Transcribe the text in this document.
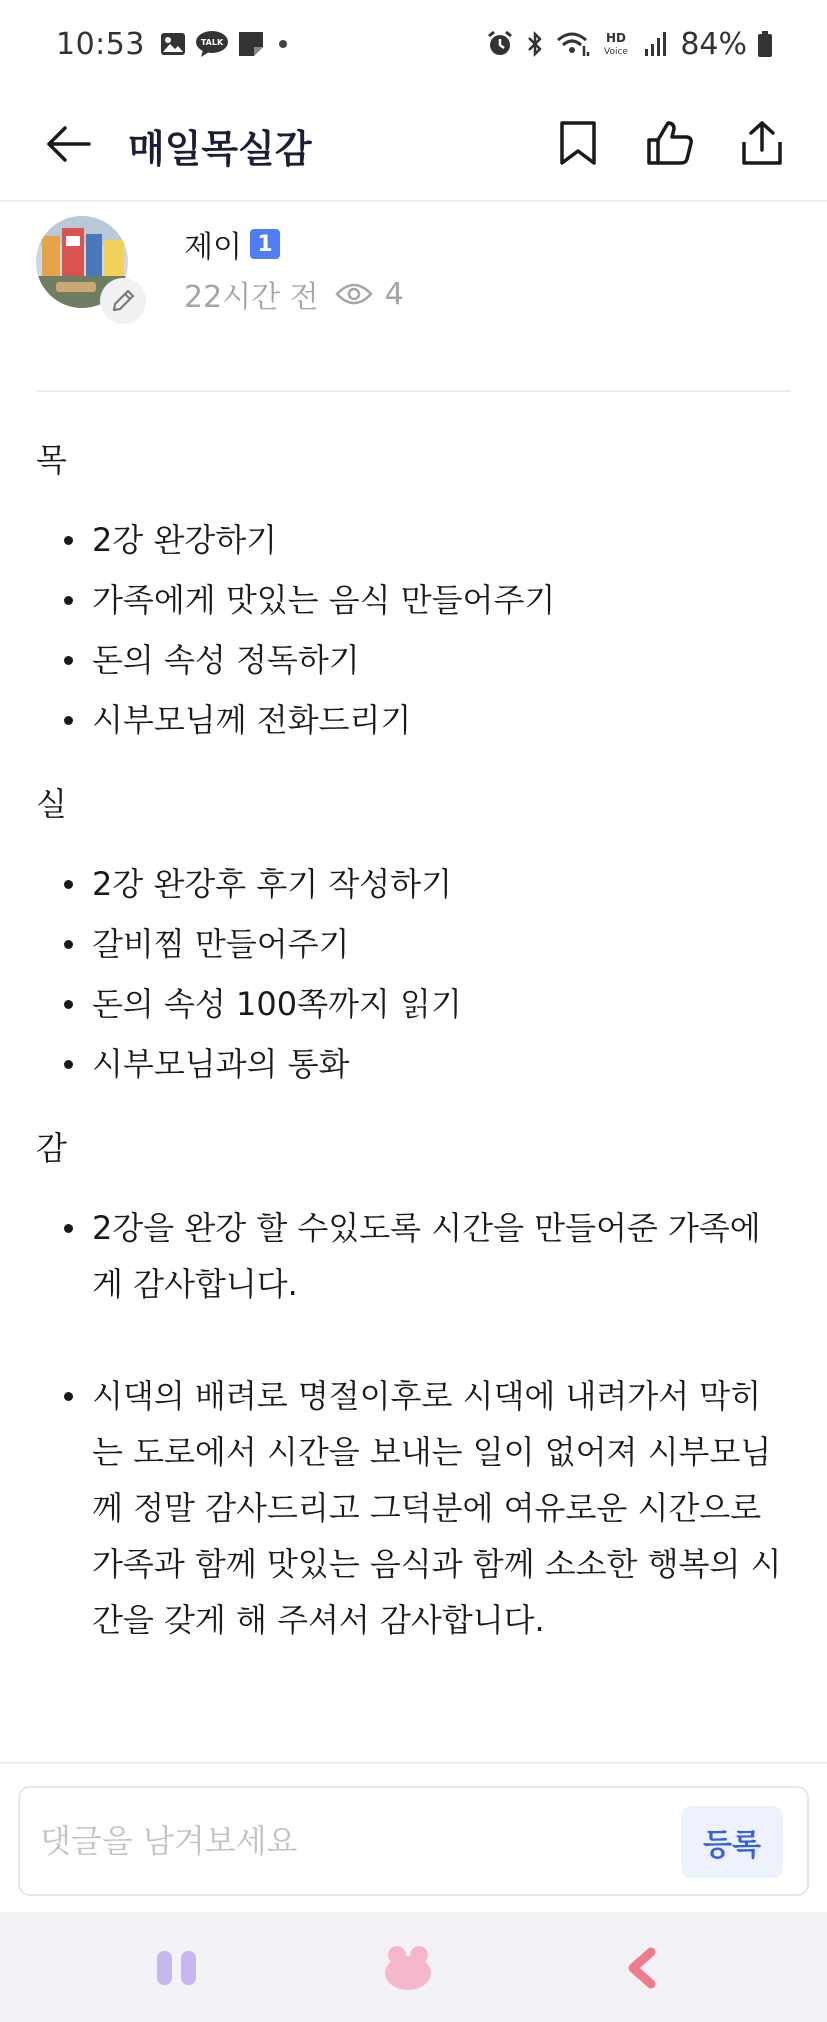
10:53	TALK	HD
Voice 84%
매일목실감
제이 1
22시간 전 4
목
2강 완강하기
가족에게 맛있는 음식 만들어주기
돈의 속성 정독하기
시부모님께 전화드리기
실
2강 완강후 후기 작성하기
갈비찜 만들어주기
돈의 속성 100쪽까지 읽기
시부모님과의 통화
감
2강을 완강 할 수있도록 시간을 만들어준 가족에게 감사합니다.
시댁의 배려로 명절이후로 시댁에 내려가서 막히는 도로에서 시간을 보내는 일이 없어져 시부모님께 정말 감사드리고 그덕분에 여유로운 시간으로 가족과 함께 맛있는 음식과 함께 소소한 행복의 시간을 갖게 해 주셔서 감사합니다.
댓글을 남겨보세요
등록
